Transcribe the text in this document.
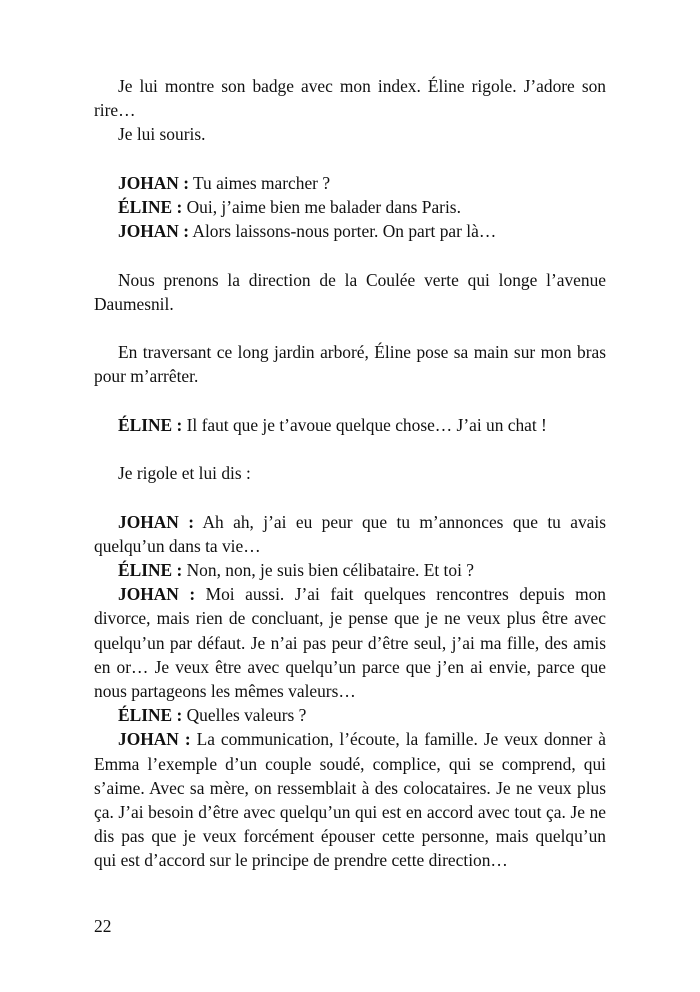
Je lui montre son badge avec mon index. Éline rigole. J’adore son rire…

Je lui souris.

JOHAN : Tu aimes marcher ?

ÉLINE : Oui, j’aime bien me balader dans Paris.

JOHAN : Alors laissons-nous porter. On part par là…

Nous prenons la direction de la Coulée verte qui longe l’avenue Daumesnil.

En traversant ce long jardin arboré, Éline pose sa main sur mon bras pour m’arrêter.

ÉLINE : Il faut que je t’avoue quelque chose… J’ai un chat !

Je rigole et lui dis :

JOHAN : Ah ah, j’ai eu peur que tu m’annonces que tu avais quelqu’un dans ta vie…

ÉLINE : Non, non, je suis bien célibataire. Et toi ?

JOHAN : Moi aussi. J’ai fait quelques rencontres depuis mon divorce, mais rien de concluant, je pense que je ne veux plus être avec quelqu’un par défaut. Je n’ai pas peur d’être seul, j’ai ma fille, des amis en or… Je veux être avec quelqu’un parce que j’en ai envie, parce que nous partageons les mêmes valeurs…

ÉLINE : Quelles valeurs ?

JOHAN : La communication, l’écoute, la famille. Je veux donner à Emma l’exemple d’un couple soudé, complice, qui se comprend, qui s’aime. Avec sa mère, on ressemblait à des colocataires. Je ne veux plus ça. J’ai besoin d’être avec quelqu’un qui est en accord avec tout ça. Je ne dis pas que je veux forcément épouser cette personne, mais quelqu’un qui est d’accord sur le principe de prendre cette direction…

22
